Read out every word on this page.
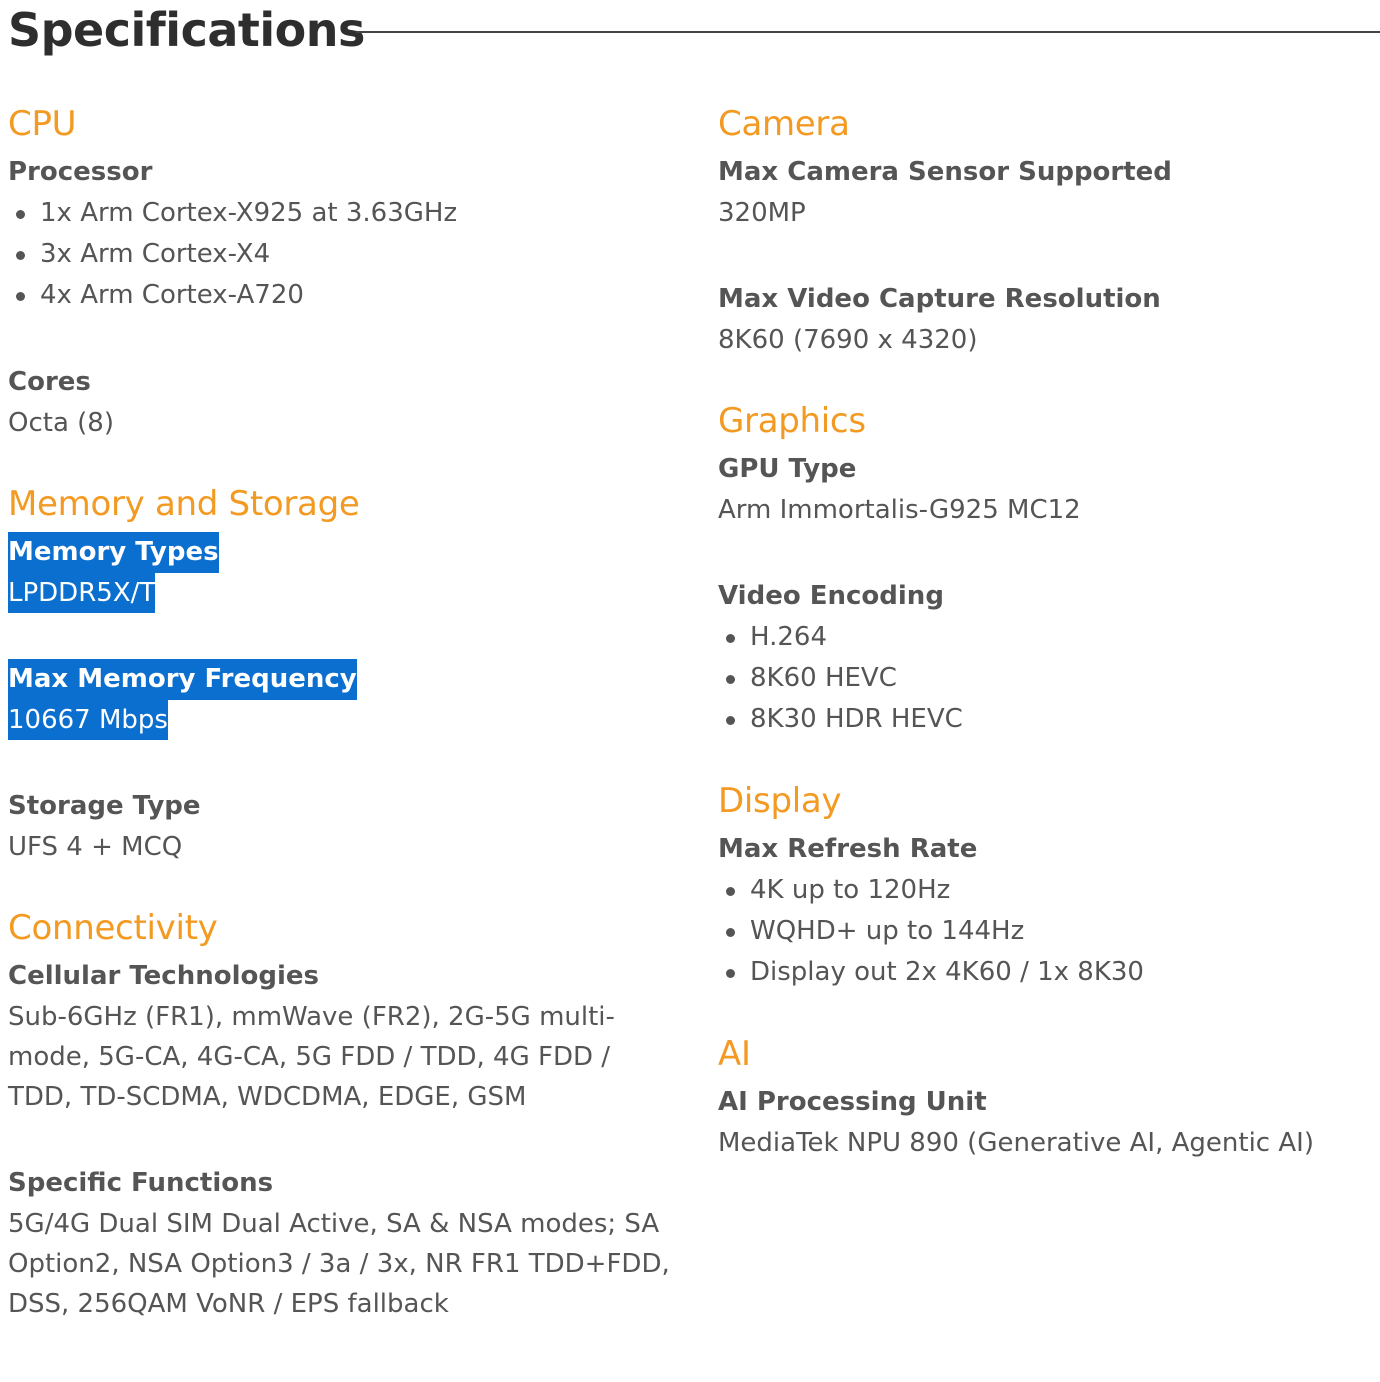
Specifications
CPU
Processor
1x Arm Cortex-X925 at 3.63GHz
3x Arm Cortex-X4
4x Arm Cortex-A720
Cores
Octa (8)
Memory and Storage
Memory Types
LPDDR5X/T
Max Memory Frequency
10667 Mbps
Storage Type
UFS 4 + MCQ
Connectivity
Cellular Technologies
Sub-6GHz (FR1), mmWave (FR2), 2G-5G multi-mode, 5G-CA, 4G-CA, 5G FDD / TDD, 4G FDD / TDD, TD-SCDMA, WDCDMA, EDGE, GSM
Specific Functions
5G/4G Dual SIM Dual Active, SA & NSA modes; SA Option2, NSA Option3 / 3a / 3x, NR FR1 TDD+FDD, DSS, 256QAM VoNR / EPS fallback
Camera
Max Camera Sensor Supported
320MP
Max Video Capture Resolution
8K60 (7690 x 4320)
Graphics
GPU Type
Arm Immortalis-G925 MC12
Video Encoding
H.264
8K60 HEVC
8K30 HDR HEVC
Display
Max Refresh Rate
4K up to 120Hz
WQHD+ up to 144Hz
Display out 2x 4K60 / 1x 8K30
AI
AI Processing Unit
MediaTek NPU 890 (Generative AI, Agentic AI)
